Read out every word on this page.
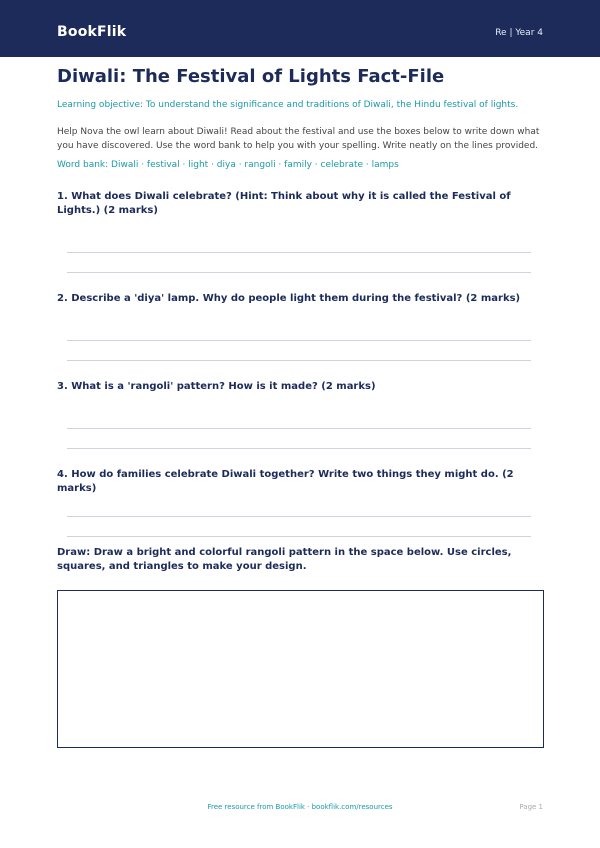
BookFlik	Re | Year 4
Diwali: The Festival of Lights Fact-File
Learning objective: To understand the significance and traditions of Diwali, the Hindu festival of lights.
Help Nova the owl learn about Diwali! Read about the festival and use the boxes below to write down what you have discovered. Use the word bank to help you with your spelling. Write neatly on the lines provided.
Word bank: Diwali · festival · light · diya · rangoli · family · celebrate · lamps
1. What does Diwali celebrate? (Hint: Think about why it is called the Festival of Lights.) (2 marks)
2. Describe a 'diya' lamp. Why do people light them during the festival? (2 marks)
3. What is a 'rangoli' pattern? How is it made? (2 marks)
4. How do families celebrate Diwali together? Write two things they might do. (2 marks)
Draw: Draw a bright and colorful rangoli pattern in the space below. Use circles, squares, and triangles to make your design.
Free resource from BookFlik · bookflik.com/resources	Page 1
